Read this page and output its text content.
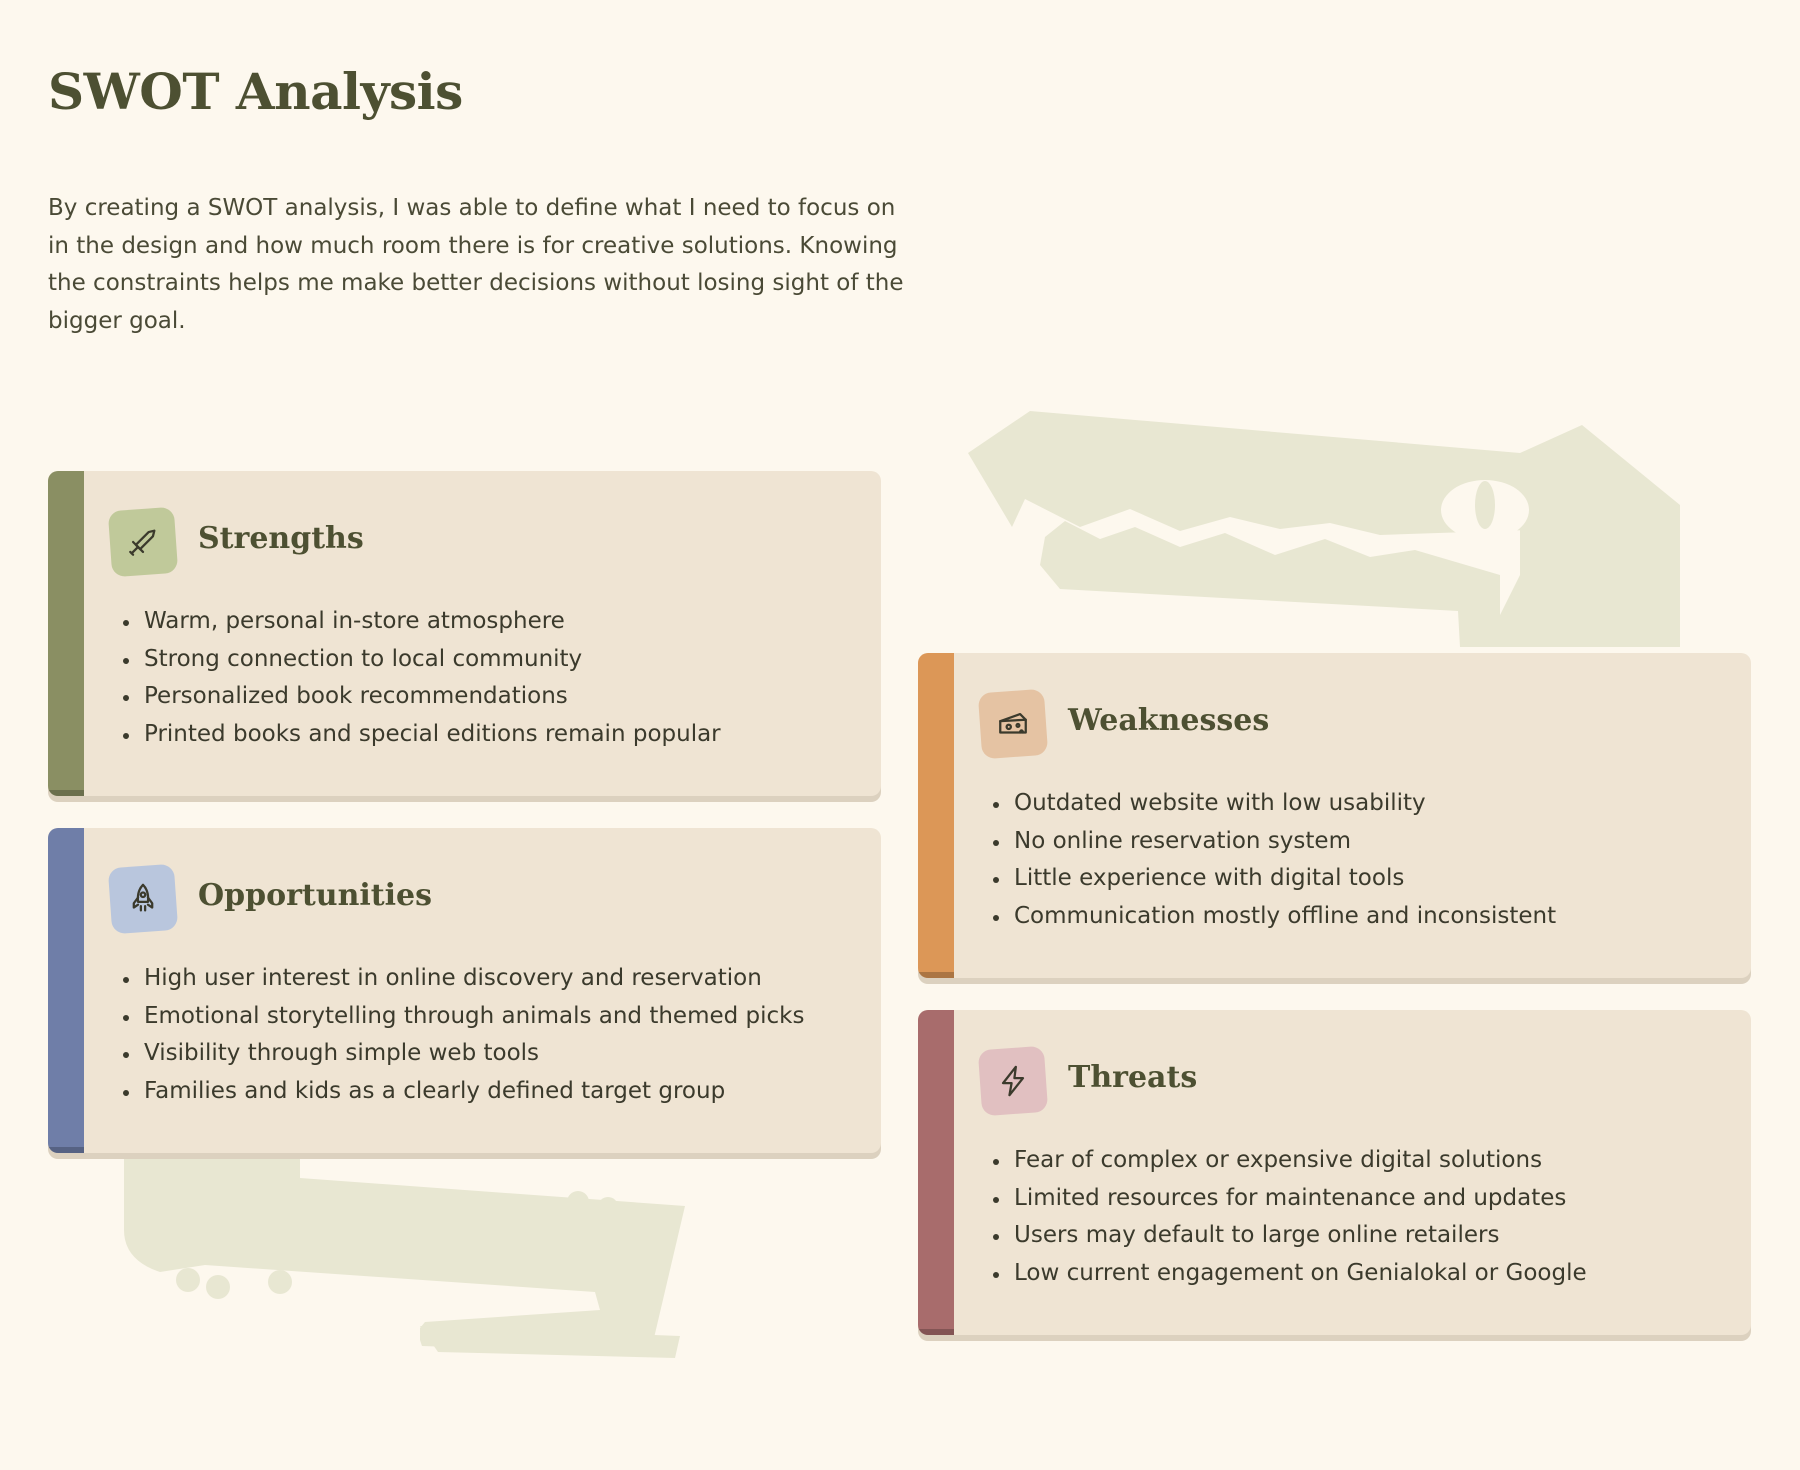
SWOT Analysis

By creating a SWOT analysis, I was able to define what I need to focus on in the design and how much room there is for creative solutions. Knowing the constraints helps me make better decisions without losing sight of the bigger goal.

Strengths
Warm, personal in-store atmosphere
Strong connection to local community
Personalized book recommendations
Printed books and special editions remain popular
Opportunities
High user interest in online discovery and reservation
Emotional storytelling through animals and themed picks
Visibility through simple web tools
Families and kids as a clearly defined target group
Weaknesses
Outdated website with low usability
No online reservation system
Little experience with digital tools
Communication mostly offline and inconsistent
Threats
Fear of complex or expensive digital solutions
Limited resources for maintenance and updates
Users may default to large online retailers
Low current engagement on Genialokal or Google
